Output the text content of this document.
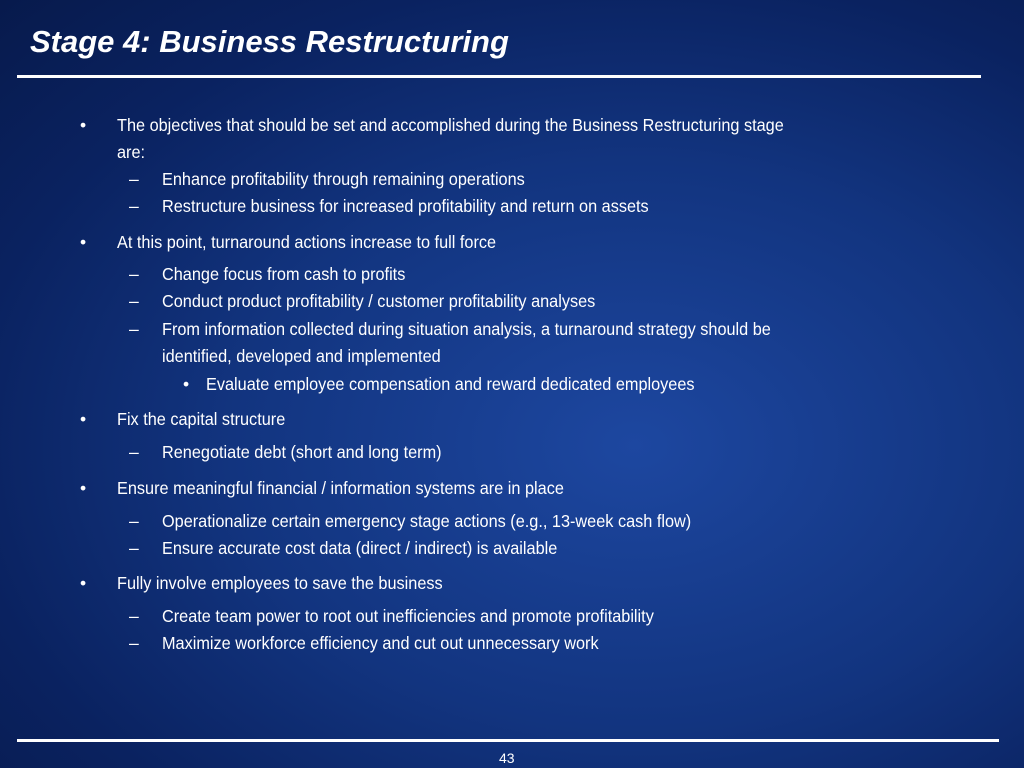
Stage 4: Business Restructuring
• The objectives that should be set and accomplished during the Business Restructuring stage
are:
– Enhance profitability through remaining operations
– Restructure business for increased profitability and return on assets
• At this point, turnaround actions increase to full force
– Change focus from cash to profits
– Conduct product profitability / customer profitability analyses
– From information collected during situation analysis, a turnaround strategy should be
identified, developed and implemented
• Evaluate employee compensation and reward dedicated employees
• Fix the capital structure
– Renegotiate debt (short and long term)
• Ensure meaningful financial / information systems are in place
– Operationalize certain emergency stage actions (e.g., 13-week cash flow)
– Ensure accurate cost data (direct / indirect) is available
• Fully involve employees to save the business
– Create team power to root out inefficiencies and promote profitability
– Maximize workforce efficiency and cut out unnecessary work
43
